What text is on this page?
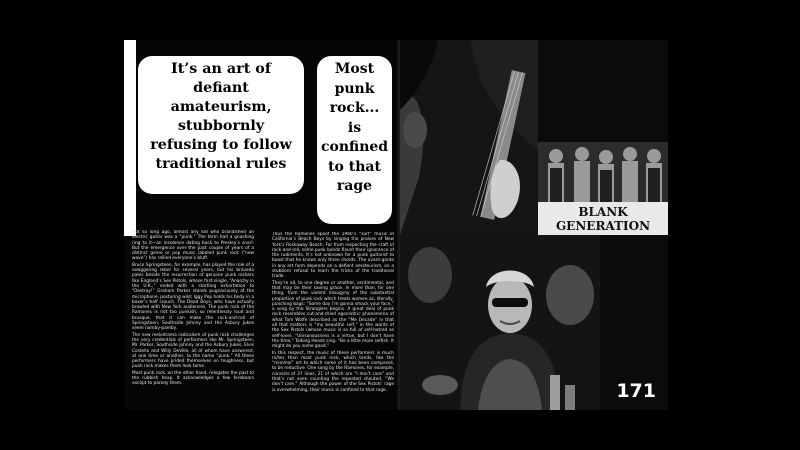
It’s an art of defiant amateurism, stubbornly refusing to follow traditional rules

Most punk rock... is confined to that rage

Not so long ago, almost any kid who brandished an electric guitar was a “punk.” The term had a gnashing ring to it—an insolence dating back to Presley’s snarl. But the emergence over the past couple of years of a distinct genre or pop music labeled punk rock (“new wave”) has rallied everyone’s bluff.

Bruce Springsteen, for example, has played the role of a swaggering rebel for several years, but his bravado pales beside the insurrection of genuine punk rockers like England’s Sex Pistols, whose first single, “Anarchy in the U.K.,” ended with a startling exhortation to “Destroy!” Graham Parker stands pugnaciously at the microphone, posturing wild; Iggy Pop holds his body in a boxer’s half crouch. The Dead Boys, who have actually brawled with New York audiences. The punk rock of the Ramones is not too punkish, so relentlessly loud and brusque, that it can make the rock-and-roll of Springsteen, Southside Johnny and the Asbury Jukes seem namby-pamby.

The new melodrama radicalism of punk rock challenges the very credentials of performers like Mr. Springsteen, Mr. Parker, Southside Johnny and the Asbury Jukes, Elvis Costello and Willy DeVille, all of whom have answered, at one time or another, to the name “punk.” All these performers have prided themselves on toughness, but punk rock makes them look tame.

Most punk rock, on the other hand, relegates the past to the rubbish heap. It acknowledges a few forebears except to parody them.

Thus the Ramones spoof the 1960’s “surf” music of California’s Beach Boys by singing the praises of New York’s Rockaway Beach. Far from respecting the craft of rock-and-roll, some punk bands flaunt their ignorance of the rudiments. It’s not unknown for a punk guitarist to boast that he knows only three chords. The avant-garde in any art form depends on a defiant amateurism, on a stubborn refusal to learn the tricks of the traditional trade.

They’re all, to one degree or another, sentimental, and that may be their saving grace. In more than, for one thing, from the violent misogyny of the substantial proportion of punk rock which treats women as, literally, punching bags: “Some day I’m gonna smack your face,” a song by the Stranglers begins. A great deal of punk rock resembles cut-and-dried egocentric phenomena of what Tom Wolfe described as the “Me Decade” in that all that matters is “my beautiful self,” in the words of the Sex Pistols (whose music is so full of self-hatred as self-love). “Unisonousness is a virtue, but I don’t have the time,” Talking Heads sing. “Be a little more selfish. It might do you some good.”

In this respect, the music of these performers is much richer than most punk rock, which tends, like the “minimal” art to which some of it has been compared, to be reductive. One song by the Ramones, for example, consists of 37 lines, 21 of which are “I don’t care” and that’s not even counting the repeated shouted, “We don’t care.” Although the power of the Sex Pistols’ rage is overwhelming, their music is confined to that rage.

BLANK
GENERATION
171
